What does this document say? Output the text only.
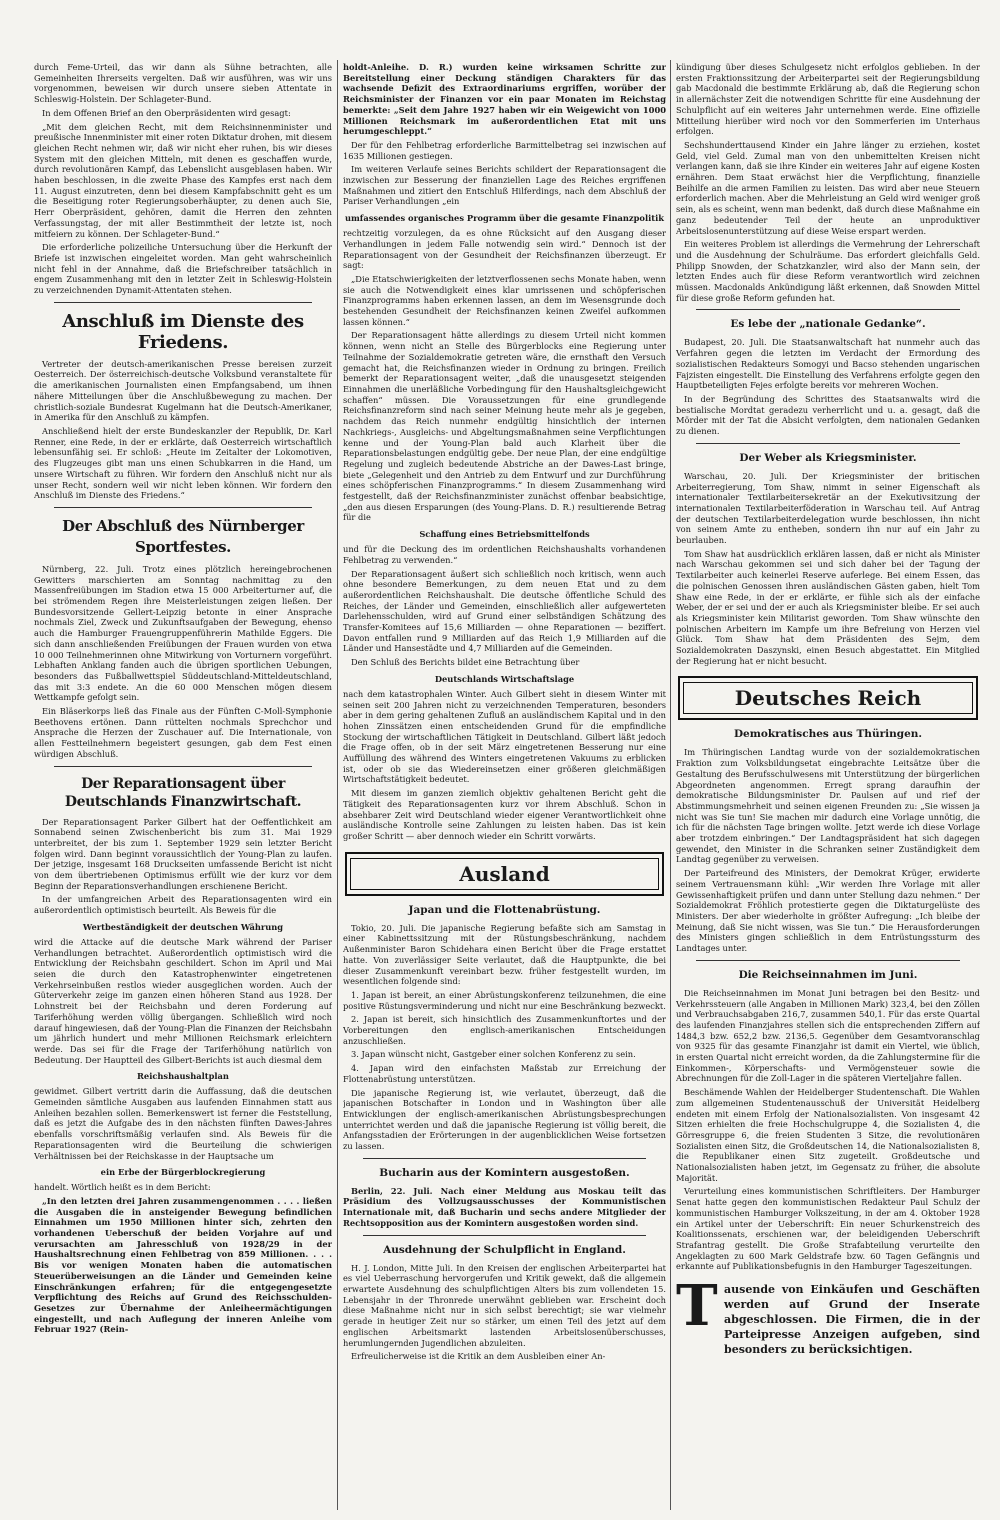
durch Feme-Urteil, das wir dann als Sühne betrachten, alle Gemeinheiten Ihrerseits vergelten. Daß wir ausführen, was wir uns vorgenommen, beweisen wir durch unsere sieben Attentate in Schleswig-Holstein. Der Schlageter-Bund.

In dem Offenen Brief an den Oberpräsidenten wird gesagt:

„Mit dem gleichen Recht, mit dem Reichsinnenminister und preußische Innenminister mit einer roten Diktatur drohen, mit diesem gleichen Recht nehmen wir, daß wir nicht eher ruhen, bis wir dieses System mit den gleichen Mitteln, mit denen es geschaffen wurde, durch revolutionären Kampf, das Lebenslicht ausgeblasen haben. Wir haben beschlossen, in die zweite Phase des Kampfes erst nach dem 11. August einzutreten, denn bei diesem Kampfabschnitt geht es um die Beseitigung roter Regierungsoberhäupter, zu denen auch Sie, Herr Oberpräsident, gehören, damit die Herren den zehnten Verfassungstag, der mit aller Bestimmtheit der letzte ist, noch mitfeiern zu können. Der Schlageter-Bund.“

Die erforderliche polizeiliche Untersuchung über die Herkunft der Briefe ist inzwischen eingeleitet worden. Man geht wahrscheinlich nicht fehl in der Annahme, daß die Briefschreiber tatsächlich in engem Zusammenhang mit den in letzter Zeit in Schleswig-Holstein zu verzeichnenden Dynamit-Attentaten stehen.

Anschluß im Dienste des Friedens.

Vertreter der deutsch-amerikanischen Presse bereisen zurzeit Oesterreich. Der österreichisch-deutsche Volksbund veranstaltete für die amerikanischen Journalisten einen Empfangsabend, um ihnen nähere Mitteilungen über die Anschlußbewegung zu machen. Der christlich-soziale Bundesrat Kugelmann hat die Deutsch-Amerikaner, in Amerika für den Anschluß zu kämpfen.

Anschließend hielt der erste Bundeskanzler der Republik, Dr. Karl Renner, eine Rede, in der er erklärte, daß Oesterreich wirtschaftlich lebensunfähig sei. Er schloß: „Heute im Zeitalter der Lokomotiven, des Flugzeuges gibt man uns einen Schubkarren in die Hand, um unsere Wirtschaft zu führen. Wir fordern den Anschluß nicht nur als unser Recht, sondern weil wir nicht leben können. Wir fordern den Anschluß im Dienste des Friedens.“

Der Abschluß des Nürnberger Sportfestes.

Nürnberg, 22. Juli. Trotz eines plötzlich hereingebrochenen Gewitters marschierten am Sonntag nachmittag zu den Massenfreiübungen im Stadion etwa 15 000 Arbeiterturner auf, die bei strömendem Regen ihre Meisterleistungen zeigen ließen. Der Bundesvorsitzende Gellert-Leipzig betonte in einer Ansprache nochmals Ziel, Zweck und Zukunftsaufgaben der Bewegung, ehenso auch die Hamburger Frauengruppenführerin Mathilde Eggers. Die sich dann anschließenden Freiübungen der Frauen wurden von etwa 10 000 Teilnehmerinnen ohne Mitwirkung von Vorturnern vorgeführt. Lebhaften Anklang fanden auch die übrigen sportlichen Uebungen, besonders das Fußballwettspiel Süddeutschland-Mitteldeutschland, das mit 3:3 endete. An die 60 000 Menschen mögen diesem Wettkampfe gefolgt sein.

Ein Bläserkorps ließ das Finale aus der Fünften C-Moll-Symphonie Beethovens ertönen. Dann rüttelten nochmals Sprechchor und Ansprache die Herzen der Zuschauer auf. Die Internationale, von allen Festteilnehmern begeistert gesungen, gab dem Fest einen würdigen Abschluß.

Der Reparationsagent über Deutschlands Finanzwirtschaft.

Der Reparationsagent Parker Gilbert hat der Oeffentlichkeit am Sonnabend seinen Zwischenbericht bis zum 31. Mai 1929 unterbreitet, der bis zum 1. September 1929 sein letzter Bericht folgen wird. Dann beginnt voraussichtlich der Young-Plan zu laufen. Der jetzige, insgesamt 168 Druckseiten umfassende Bericht ist nicht von dem übertriebenen Optimismus erfüllt wie der kurz vor dem Beginn der Reparationsverhandlungen erschienene Bericht.

In der umfangreichen Arbeit des Reparationsagenten wird ein außerordentlich optimistisch beurteilt. Als Beweis für die

Wertbeständigkeit der deutschen Währung

wird die Attacke auf die deutsche Mark während der Pariser Verhandlungen betrachtet. Außerordentlich optimistisch wird die Entwicklung der Reichsbahn geschildert. Schon im April und Mai seien die durch den Katastrophenwinter eingetretenen Verkehrseinbußen restlos wieder ausgeglichen worden. Auch der Güterverkehr zeige im ganzen einen höheren Stand aus 1928. Der Lohnstreit bei der Reichsbahn und deren Forderung auf Tariferhöhung werden völlig übergangen. Schließlich wird noch darauf hingewiesen, daß der Young-Plan die Finanzen der Reichsbahn um jährlich hundert und mehr Millionen Reichsmark erleichtern werde. Das sei für die Frage der Tariferhöhung natürlich von Bedeutung. Der Hauptteil des Gilbert-Berichts ist auch diesmal dem

Reichshaushaltplan

gewidmet. Gilbert vertritt darin die Auffassung, daß die deutschen Gemeinden sämtliche Ausgaben aus laufenden Einnahmen statt aus Anleihen bezahlen sollen. Bemerkenswert ist ferner die Feststellung, daß es jetzt die Aufgabe des in den nächsten fünften Dawes-Jahres ebenfalls vorschriftsmäßig verlaufen sind. Als Beweis für die Reparationsagenten wird die Beurteilung die schwierigen Verhältnissen bei der Reichskasse in der Hauptsache um

ein Erbe der Bürgerblockregierung

handelt. Wörtlich heißt es in dem Bericht:

„In den letzten drei Jahren zusammengenommen . . . . ließen die Ausgaben die in ansteigender Bewegung befindlichen Einnahmen um 1950 Millionen hinter sich, zehrten den vorhandenen Ueberschuß der beiden Vorjahre auf und verursachten am Jahresschluß von 1928/29 in der Haushaltsrechnung einen Fehlbetrag von 859 Millionen. . . . Bis vor wenigen Monaten haben die automatischen Steuerüberweisungen an die Länder und Gemeinden keine Einschränkungen erfahren; für die entgegengesetzte Verpflichtung des Reichs auf Grund des Reichsschulden-Gesetzes zur Übernahme der Anleiheermächtigungen eingestellt, und nach Auflegung der inneren Anleihe vom Februar 1927 (Rein-

holdt-Anleihe. D. R.) wurden keine wirksamen Schritte zur Bereitstellung einer Deckung ständigen Charakters für das wachsende Defizit des Extraordinariums ergriffen, worüber der Reichsminister der Finanzen vor ein paar Monaten im Reichstag bemerkte: „Seit dem Jahre 1927 haben wir ein Weigewicht von 1000 Millionen Reichsmark im außerordentlichen Etat mit uns herumgeschleppt.“

Der für den Fehlbetrag erforderliche Barmittelbetrag sei inzwischen auf 1635 Millionen gestiegen.

Im weiteren Verlaufe seines Berichts schildert der Reparationsagent die inzwischen zur Besserung der finanziellen Lage des Reiches ergriffenen Maßnahmen und zitiert den Entschluß Hilferdings, nach dem Abschluß der Pariser Verhandlungen „ein

umfassendes organisches Programm über die gesamte Finanzpolitik

rechtzeitig vorzulegen, da es ohne Rücksicht auf den Ausgang dieser Verhandlungen in jedem Falle notwendig sein wird.“ Dennoch ist der Reparationsagent von der Gesundheit der Reichsfinanzen überzeugt. Er sagt:

„Die Etatschwierigkeiten der letztverflossenen sechs Monate haben, wenn sie auch die Notwendigkeit eines klar umrissenen und schöpferischen Finanzprogramms haben erkennen lassen, an dem im Wesensgrunde doch bestehenden Gesundheit der Reichsfinanzen keinen Zweifel aufkommen lassen können.“

Der Reparationsagent hätte allerdings zu diesem Urteil nicht kommen können, wenn nicht an Stelle des Bürgerblocks eine Regierung unter Teilnahme der Sozialdemokratie getreten wäre, die ernsthaft den Versuch gemacht hat, die Reichsfinanzen wieder in Ordnung zu bringen. Freilich bemerkt der Reparationsagent weiter, „daß die unausgesetzt steigenden Einnahmen die unerläßliche Vorbedingung für den Haushaltsgleichgewicht schaffen“ müssen. Die Voraussetzungen für eine grundlegende Reichsfinanzreform sind nach seiner Meinung heute mehr als je gegeben, nachdem das Reich nunmehr endgültig hinsichtlich der internen Nachkriegs-, Ausgleichs- und Abgeltungsmaßnahmen seine Verpflichtungen kenne und der Young-Plan bald auch Klarheit über die Reparationsbelastungen endgültig gebe. Der neue Plan, der eine endgültige Regelung und zugleich bedeutende Abstriche an der Dawes-Last bringe, biete „Gelegenheit und den Antrieb zu dem Entwurf und zur Durchführung eines schöpferischen Finanzprogramms.“ In diesem Zusammenhang wird festgestellt, daß der Reichsfinanzminister zunächst offenbar beabsichtige, „den aus diesen Ersparungen (des Young-Plans. D. R.) resultierende Betrag für die

Schaffung eines Betriebsmittelfonds

und für die Deckung des im ordentlichen Reichshaushalts vorhandenen Fehlbetrag zu verwenden.“

Der Reparationsagent äußert sich schließlich noch kritisch, wenn auch ohne besondere Bemerkungen, zu dem neuen Etat und zu dem außerordentlichen Reichshaushalt. Die deutsche öffentliche Schuld des Reiches, der Länder und Gemeinden, einschließlich aller aufgewerteten Darlehensschulden, wird auf Grund einer selbständigen Schätzung des Transfer-Komitees auf 15,6 Milliarden — ohne Reparationen — beziffert. Davon entfallen rund 9 Milliarden auf das Reich 1,9 Milliarden auf die Länder und Hansestädte und 4,7 Milliarden auf die Gemeinden.

Den Schluß des Berichts bildet eine Betrachtung über

Deutschlands Wirtschaftslage

nach dem katastrophalen Winter. Auch Gilbert sieht in diesem Winter mit seinen seit 200 Jahren nicht zu verzeichnenden Temperaturen, besonders aber in dem gering gehaltenen Zufluß an ausländischem Kapital und in den hohen Zinssätzen einen entscheidenden Grund für die empfindliche Stockung der wirtschaftlichen Tätigkeit in Deutschland. Gilbert läßt jedoch die Frage offen, ob in der seit März eingetretenen Besserung nur eine Auffüllung des während des Winters eingetretenen Vakuums zu erblicken ist, oder ob sie das Wiedereinsetzen einer größeren gleichmäßigen Wirtschaftstätigkeit bedeutet.

Mit diesem im ganzen ziemlich objektiv gehaltenen Bericht geht die Tätigkeit des Reparationsagenten kurz vor ihrem Abschluß. Schon in absehbarer Zeit wird Deutschland wieder eigener Verantwortlichkeit ohne ausländische Kontrolle seine Zahlungen zu leisten haben. Das ist kein großer Schritt — aber dennoch wieder ein Schritt vorwärts.

Ausland
Japan und die Flottenabrüstung.

Tokio, 20. Juli. Die japanische Regierung befaßte sich am Samstag in einer Kabinettssitzung mit der Rüstungsbeschränkung, nachdem Außenminister Baron Schidehara einen Bericht über die Frage erstattet hatte. Von zuverlässiger Seite verlautet, daß die Hauptpunkte, die bei dieser Zusammenkunft vereinbart bezw. früher festgestellt wurden, im wesentlichen folgende sind:

1. Japan ist bereit, an einer Abrüstungskonferenz teilzunehmen, die eine positive Rüstungsverminderung und nicht nur eine Beschränkung bezweckt.

2. Japan ist bereit, sich hinsichtlich des Zusammenkunftortes und der Vorbereitungen den englisch-amerikanischen Entscheidungen anzuschließen.

3. Japan wünscht nicht, Gastgeber einer solchen Konferenz zu sein.

4. Japan wird den einfachsten Maßstab zur Erreichung der Flottenabrüstung unterstützen.

Die japanische Regierung ist, wie verlautet, überzeugt, daß die japanischen Botschafter in London und in Washington über alle Entwicklungen der englisch-amerikanischen Abrüstungsbesprechungen unterrichtet werden und daß die japanische Regierung ist völlig bereit, die Anfangsstadien der Erörterungen in der augenblicklichen Weise fortsetzen zu lassen.

Bucharin aus der Komintern ausgestoßen.

Berlin, 22. Juli. Nach einer Meldung aus Moskau teilt das Präsidium des Vollzugsausschusses der Kommunistischen Internationale mit, daß Bucharin und sechs andere Mitglieder der Rechtsopposition aus der Komintern ausgestoßen worden sind.

Ausdehnung der Schulpflicht in England.

H. J. London, Mitte Juli. In den Kreisen der englischen Arbeiterpartei hat es viel Ueberraschung hervorgerufen und Kritik gewekt, daß die allgemein erwartete Ausdehnung des schulpflichtigen Alters bis zum vollendeten 15. Lebensjahr in der Thronrede unerwähnt geblieben war. Erscheint doch diese Maßnahme nicht nur in sich selbst berechtigt; sie war vielmehr gerade in heutiger Zeit nur so stärker, um einen Teil des jetzt auf dem englischen Arbeitsmarkt lastenden Arbeitslosenüberschusses, herumlungernden Jugendlichen abzuleiten.

Erfreulicherweise ist die Kritik an dem Ausbleiben einer An-

kündigung über dieses Schulgesetz nicht erfolglos geblieben. In der ersten Fraktionssitzung der Arbeiterpartei seit der Regierungsbildung gab Macdonald die bestimmte Erklärung ab, daß die Regierung schon in allernächster Zeit die notwendigen Schritte für eine Ausdehnung der Schulpflicht auf ein weiteres Jahr unternehmen werde. Eine offizielle Mitteilung hierüber wird noch vor den Sommerferien im Unterhaus erfolgen.

Sechshunderttausend Kinder ein Jahre länger zu erziehen, kostet Geld, viel Geld. Zumal man von den unbemittelten Kreisen nicht verlangen kann, daß sie ihre Kinder ein weiteres Jahr auf eigene Kosten ernähren. Dem Staat erwächst hier die Verpflichtung, finanzielle Beihilfe an die armen Familien zu leisten. Das wird aber neue Steuern erforderlich machen. Aber die Mehrleistung an Geld wird weniger groß sein, als es scheint, wenn man bedenkt, daß durch diese Maßnahme ein ganz bedeutender Teil der heute an unproduktiver Arbeitslosenunterstützung auf diese Weise erspart werden.

Ein weiteres Problem ist allerdings die Vermehrung der Lehrerschaft und die Ausdehnung der Schulräume. Das erfordert gleichfalls Geld. Philipp Snowden, der Schatzkanzler, wird also der Mann sein, der letzten Endes auch für diese Reform verantwortlich wird zeichnen müssen. Macdonalds Ankündigung läßt erkennen, daß Snowden Mittel für diese große Reform gefunden hat.

Es lebe der „nationale Gedanke“.

Budapest, 20. Juli. Die Staatsanwaltschaft hat nunmehr auch das Verfahren gegen die letzten im Verdacht der Ermordung des sozialistischen Redakteurs Somogyi und Bacso stehenden ungarischen Fajzisten eingestellt. Die Einstellung des Verfahrens erfolgte gegen den Hauptbeteiligten Fejes erfolgte bereits vor mehreren Wochen.

In der Begründung des Schrittes des Staatsanwalts wird die bestialische Mordtat geradezu verherrlicht und u. a. gesagt, daß die Mörder mit der Tat die Absicht verfolgten, dem nationalen Gedanken zu dienen.

Der Weber als Kriegsminister.

Warschau, 20. Juli. Der Kriegsminister der britischen Arbeiterregierung, Tom Shaw, nimmt in seiner Eigenschaft als internationaler Textilarbeitersekretär an der Exekutivsitzung der internationalen Textilarbeiterföderation in Warschau teil. Auf Antrag der deutschen Textilarbeiterdelegation wurde beschlossen, ihn nicht von seinem Amte zu entheben, sondern ihn nur auf ein Jahr zu beurlauben.

Tom Shaw hat ausdrücklich erklären lassen, daß er nicht als Minister nach Warschau gekommen sei und sich daher bei der Tagung der Textilarbeiter auch keinerlei Reserve auferlege. Bei einem Essen, das die polnischen Genossen ihren ausländischen Gästen gaben, hielt Tom Shaw eine Rede, in der er erklärte, er fühle sich als der einfache Weber, der er sei und der er auch als Kriegsminister bleibe. Er sei auch als Kriegsminister kein Militarist geworden. Tom Shaw wünschte den polnischen Arbeitern im Kampfe um ihre Befreiung von Herzen viel Glück. Tom Shaw hat dem Präsidenten des Sejm, dem Sozialdemokraten Daszynski, einen Besuch abgestattet. Ein Mitglied der Regierung hat er nicht besucht.

Deutsches Reich
Demokratisches aus Thüringen.

Im Thüringischen Landtag wurde von der sozialdemokratischen Fraktion zum Volksbildungsetat eingebrachte Leitsätze über die Gestaltung des Berufsschulwesens mit Unterstützung der bürgerlichen Abgeordneten angenommen. Erregt sprang daraufhin der demokratische Bildungsminister Dr. Paulsen auf und rief der Abstimmungsmehrheit und seinen eigenen Freunden zu: „Sie wissen ja nicht was Sie tun! Sie machen mir dadurch eine Vorlage unnötig, die ich für die nächsten Tage bringen wollte. Jetzt werde ich diese Vorlage aber trotzdem einbringen.“ Der Landtagspräsident hat sich dagegen gewendet, den Minister in die Schranken seiner Zuständigkeit dem Landtag gegenüber zu verweisen.

Der Parteifreund des Ministers, der Demokrat Krüger, erwiderte seinem Vertrauensmann kühl: „Wir werden Ihre Vorlage mit aller Gewissenhaftigkeit prüfen und dann unter Stellung dazu nehmen.“ Der Sozialdemokrat Fröhlich protestierte gegen die Diktaturgelüste des Ministers. Der aber wiederholte in größter Aufregung: „Ich bleibe der Meinung, daß Sie nicht wissen, was Sie tun.“ Die Herausforderungen des Ministers gingen schließlich in dem Entrüstungssturm des Landtages unter.

Die Reichseinnahmen im Juni.

Die Reichseinnahmen im Monat Juni betragen bei den Besitz- und Verkehrssteuern (alle Angaben in Millionen Mark) 323,4, bei den Zöllen und Verbrauchsabgaben 216,7, zusammen 540,1. Für das erste Quartal des laufenden Finanzjahres stellen sich die entsprechenden Ziffern auf 1484,3 bzw. 652,2 bzw. 2136,5. Gegenüber dem Gesamtvoranschlag von 9325 für das gesamte Finanzjahr ist damit ein Viertel, wie üblich, in ersten Quartal nicht erreicht worden, da die Zahlungstermine für die Einkommen-, Körperschafts- und Vermögensteuer sowie die Abrechnungen für die Zoll-Lager in die späteren Vierteljahre fallen.

Beschämende Wahlen der Heidelberger Studentenschaft. Die Wahlen zum allgemeinen Studentenausschuß der Universität Heidelberg endeten mit einem Erfolg der Nationalsozialisten. Von insgesamt 42 Sitzen erhielten die freie Hochschulgruppe 4, die Sozialisten 4, die Görresgruppe 6, die freien Studenten 3 Sitze, die revolutionären Sozialisten einen Sitz, die Großdeutschen 14, die Nationalsozialisten 8, die Republikaner einen Sitz zugeteilt. Großdeutsche und Nationalsozialisten haben jetzt, im Gegensatz zu früher, die absolute Majorität.

Verurteilung eines kommunistischen Schriftleiters. Der Hamburger Senat hatte gegen den kommunistischen Redakteur Paul Schulz der kommunistischen Hamburger Volkszeitung, in der am 4. Oktober 1928 ein Artikel unter der Ueberschrift: Ein neuer Schurkenstreich des Koalitionssenats, erschienen war, der beleidigenden Ueberschrift Strafantrag gestellt. Die Große Strafabteilung verurteilte den Angeklagten zu 600 Mark Geldstrafe bzw. 60 Tagen Gefängnis und erkannte auf Publikationsbefugnis in den Hamburger Tageszeitungen.

T ausende von Einkäufen und Geschäften werden auf Grund der Inserate abgeschlossen. Die Firmen, die in der Parteipresse Anzeigen aufgeben, sind besonders zu berücksichtigen.
